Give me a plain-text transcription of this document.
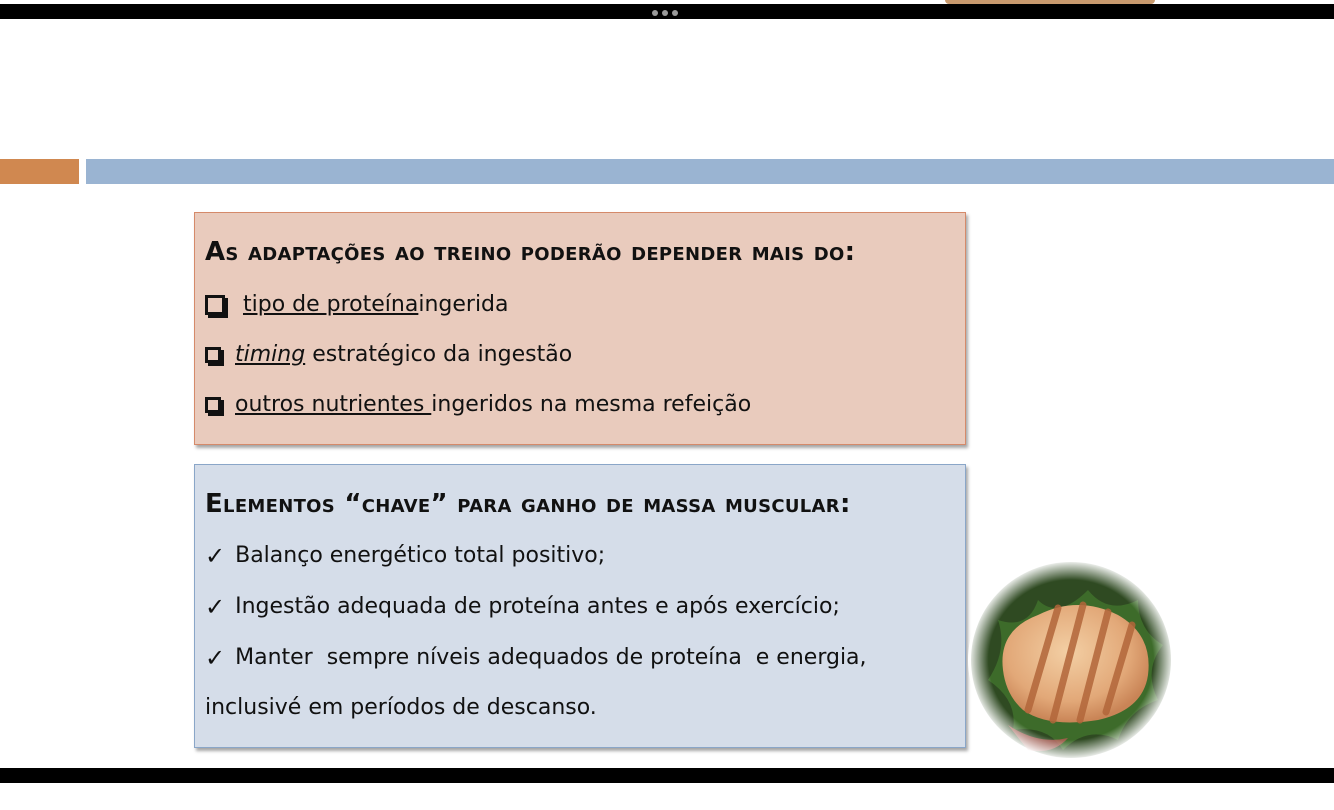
As adaptações ao treino poderão depender mais do:
tipo de proteína ingerida
timing estratégico da ingestão
outros nutrientes ingeridos na mesma refeição
Elementos “chave” para ganho de massa muscular:
✓ Balanço energético total positivo;
✓ Ingestão adequada de proteína antes e após exercício;
✓ Manter  sempre níveis adequados de proteína  e energia,
inclusivé em períodos de descanso.
